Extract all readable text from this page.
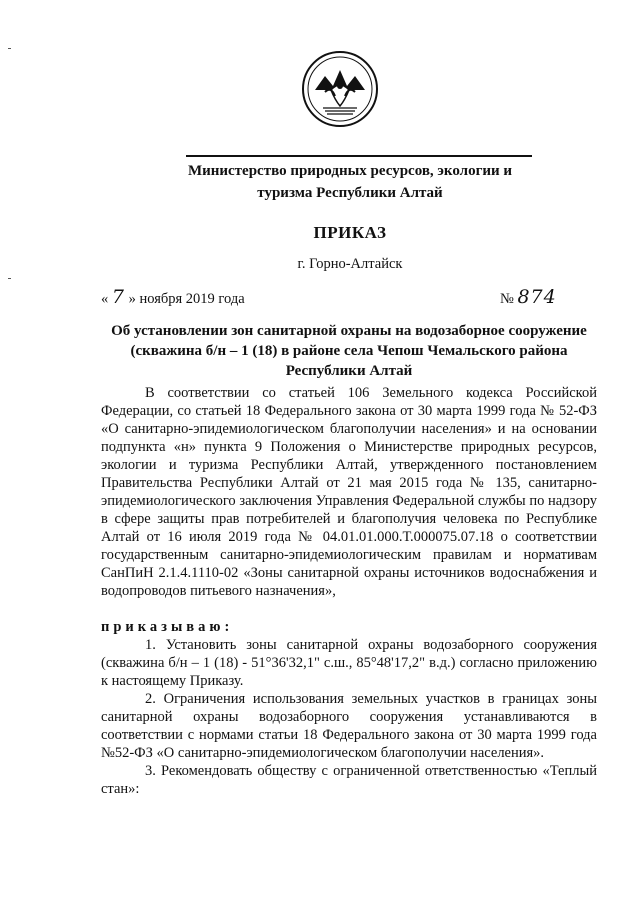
Министерство природных ресурсов, экологии и
туризма Республики Алтай
ПРИКАЗ
г. Горно-Алтайск
« 7 » ноября 2019 года	№ 874
Об установлении зон санитарной охраны на водозаборное сооружение
(скважина б/н – 1 (18) в районе села Чепош Чемальского района
Республики Алтай

В соответствии со статьей 106 Земельного кодекса Российской Федерации, со статьей 18 Федерального закона от 30 марта 1999 года № 52-ФЗ «О санитарно-эпидемиологическом благополучии населения» и на основании подпункта «н» пункта 9 Положения о Министерстве природных ресурсов, экологии и туризма Республики Алтай, утвержденного постановлением Правительства Республики Алтай от 21 мая 2015 года № 135, санитарно-эпидемиологического заключения Управления Федеральной службы по надзору в сфере защиты прав потребителей и благополучия человека по Республике Алтай от 16 июля 2019 года № 04.01.01.000.Т.000075.07.18 о соответствии государственным санитарно-эпидемиологическим правилам и нормативам СанПиН 2.1.4.1110-02 «Зоны санитарной охраны источников водоснабжения и водопроводов питьевого назначения»,

приказываю:

1. Установить зоны санитарной охраны водозаборного сооружения (скважина б/н – 1 (18) - 51°36'32,1" с.ш., 85°48'17,2" в.д.) согласно приложению к настоящему Приказу.

2. Ограничения использования земельных участков в границах зоны санитарной охраны водозаборного сооружения устанавливаются в соответствии с нормами статьи 18 Федерального закона от 30 марта 1999 года №52-ФЗ «О санитарно-эпидемиологическом благополучии населения».

3. Рекомендовать обществу с ограниченной ответственностью «Теплый стан»:
